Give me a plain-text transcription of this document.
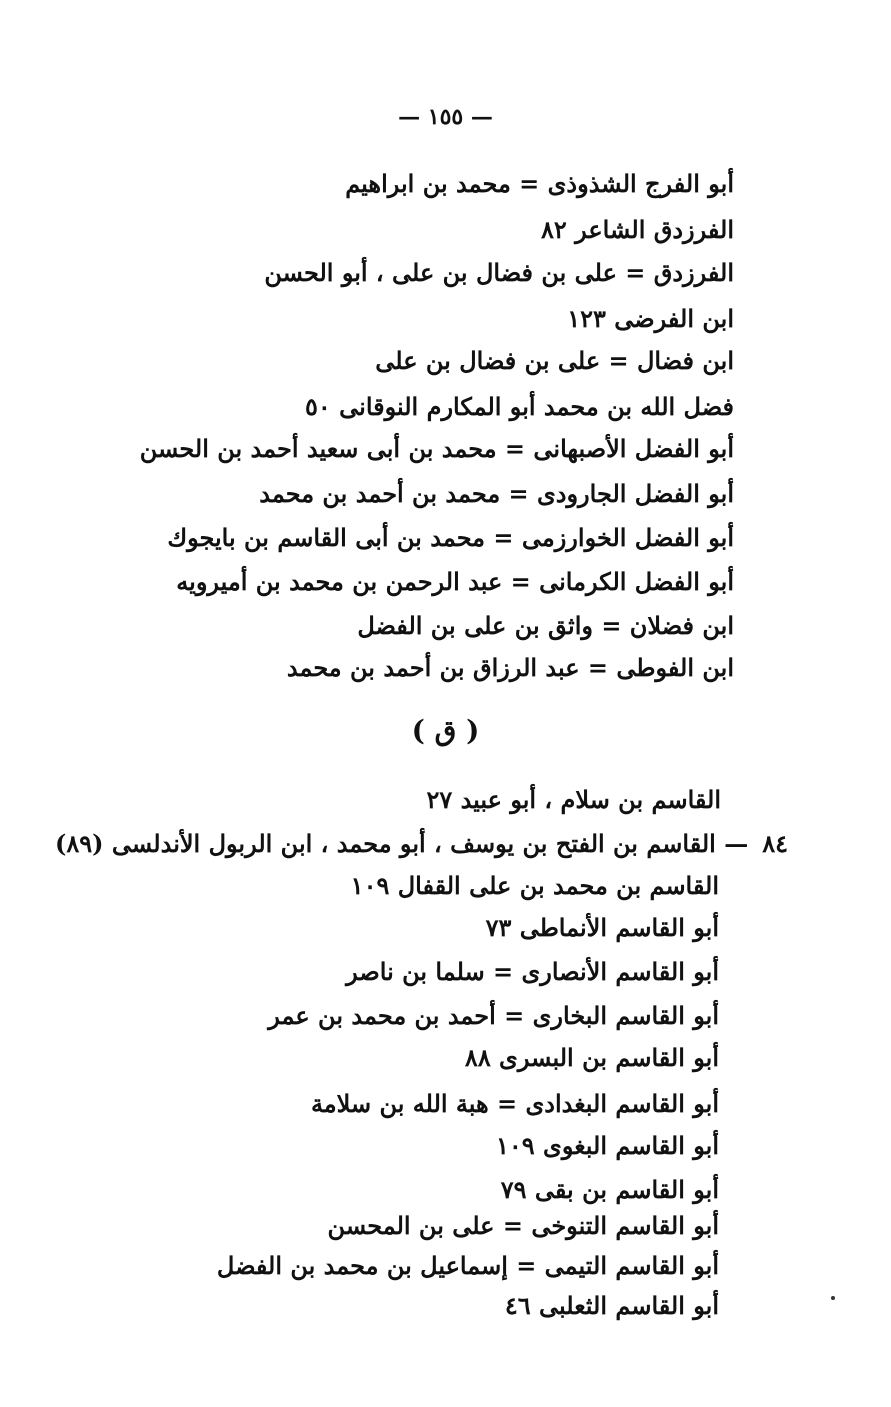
— ١٥٥ —
أبو الفرج الشذوذى = محمد بن ابراهيم
الفرزدق الشاعر ٨٢
الفرزدق = على بن فضال بن على ، أبو الحسن
ابن الفرضى ١٢٣
ابن فضال = على بن فضال بن على
فضل الله بن محمد أبو المكارم النوقانى ٥٠
أبو الفضل الأصبهانى = محمد بن أبى سعيد أحمد بن الحسن
أبو الفضل الجارودى = محمد بن أحمد بن محمد
أبو الفضل الخوارزمى = محمد بن أبى القاسم بن بايجوك
أبو الفضل الكرمانى = عبد الرحمن بن محمد بن أميرويه
ابن فضلان = واثق بن على بن الفضل
ابن الفوطى = عبد الرزاق بن أحمد بن محمد
( ق )
القاسم بن سلام ، أبو عبيد ٢٧
٨٤— القاسم بن الفتح بن يوسف ، أبو محمد ، ابن الربول الأندلسى (٨٩)
القاسم بن محمد بن على القفال ١٠٩
أبو القاسم الأنماطى ٧٣
أبو القاسم الأنصارى = سلما بن ناصر
أبو القاسم البخارى = أحمد بن محمد بن عمر
أبو القاسم بن البسرى ٨٨
أبو القاسم البغدادى = هبة الله بن سلامة
أبو القاسم البغوى ١٠٩
أبو القاسم بن بقى ٧٩
أبو القاسم التنوخى = على بن المحسن
أبو القاسم التيمى = إسماعيل بن محمد بن الفضل
أبو القاسم الثعلبى ٤٦
